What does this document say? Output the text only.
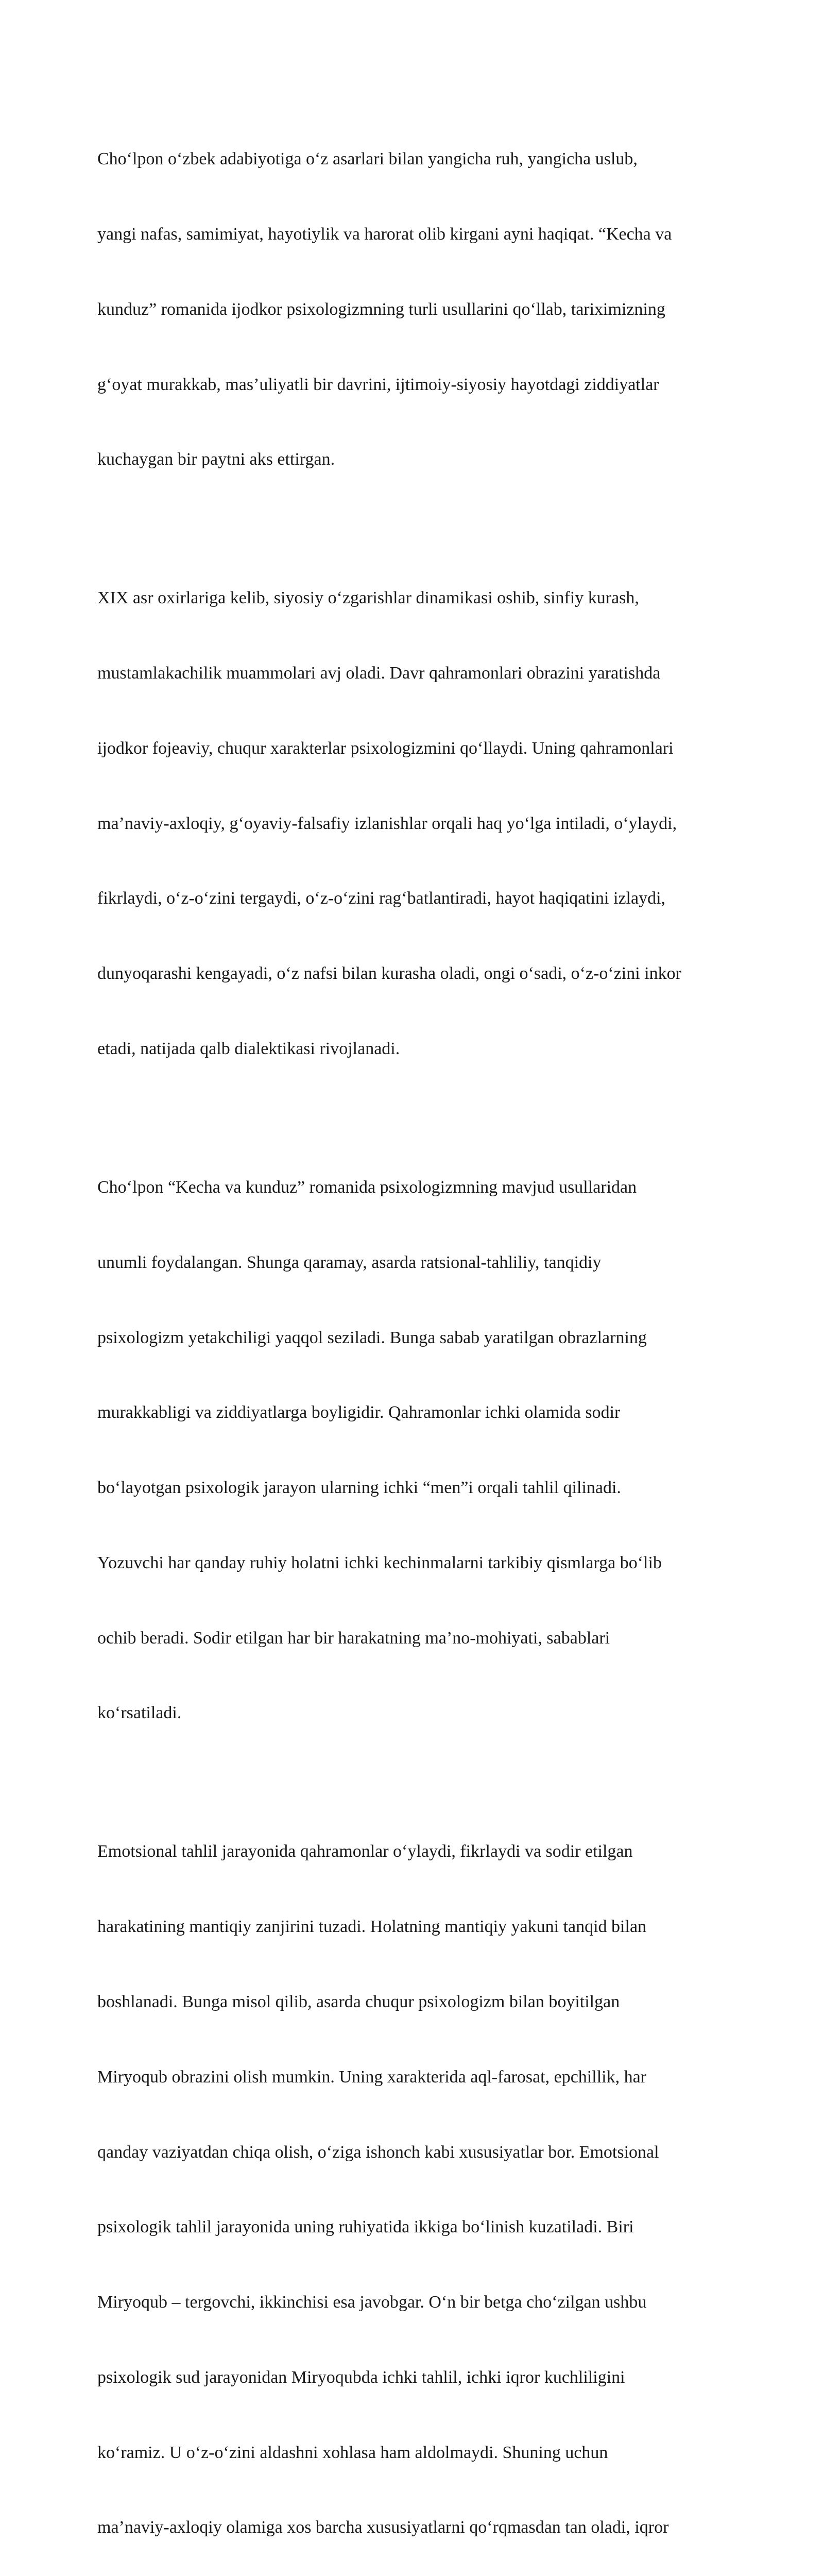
Cho‘lpon o‘zbek adabiyotiga o‘z asarlari bilan yangicha ruh, yangicha uslub,

yangi nafas, samimiyat, hayotiylik va harorat olib kirgani ayni haqiqat. “Kecha va

kunduz” romanida ijodkor psixologizmning turli usullarini qo‘llab, tariximizning

g‘oyat murakkab, mas’uliyatli bir davrini, ijtimoiy-siyosiy hayotdagi ziddiyatlar

kuchaygan bir paytni aks ettirgan.

XIX asr oxirlariga kelib, siyosiy o‘zgarishlar dinamikasi oshib, sinfiy kurash,

mustamlakachilik muammolari avj oladi. Davr qahramonlari obrazini yaratishda

ijodkor fojeaviy, chuqur xarakterlar psixologizmini qo‘llaydi. Uning qahramonlari

ma’naviy-axloqiy, g‘oyaviy-falsafiy izlanishlar orqali haq yo‘lga intiladi, o‘ylaydi,

fikrlaydi, o‘z-o‘zini tergaydi, o‘z-o‘zini rag‘batlantiradi, hayot haqiqatini izlaydi,

dunyoqarashi kengayadi, o‘z nafsi bilan kurasha oladi, ongi o‘sadi, o‘z-o‘zini inkor

etadi, natijada qalb dialektikasi rivojlanadi.

Cho‘lpon “Kecha va kunduz” romanida psixologizmning mavjud usullaridan

unumli foydalangan. Shunga qaramay, asarda ratsional-tahliliy, tanqidiy

psixologizm yetakchiligi yaqqol seziladi. Bunga sabab yaratilgan obrazlarning

murakkabligi va ziddiyatlarga boyligidir. Qahramonlar ichki olamida sodir

bo‘layotgan psixologik jarayon ularning ichki “men”i orqali tahlil qilinadi.

Yozuvchi har qanday ruhiy holatni ichki kechinmalarni tarkibiy qismlarga bo‘lib

ochib beradi. Sodir etilgan har bir harakatning ma’no-mohiyati, sabablari

ko‘rsatiladi.

Emotsional tahlil jarayonida qahramonlar o‘ylaydi, fikrlaydi va sodir etilgan

harakatining mantiqiy zanjirini tuzadi. Holatning mantiqiy yakuni tanqid bilan

boshlanadi. Bunga misol qilib, asarda chuqur psixologizm bilan boyitilgan

Miryoqub obrazini olish mumkin. Uning xarakterida aql-farosat, epchillik, har

qanday vaziyatdan chiqa olish, o‘ziga ishonch kabi xususiyatlar bor. Emotsional

psixologik tahlil jarayonida uning ruhiyatida ikkiga bo‘linish kuzatiladi. Biri

Miryoqub – tergovchi, ikkinchisi esa javobgar. O‘n bir betga cho‘zilgan ushbu

psixologik sud jarayonidan Miryoqubda ichki tahlil, ichki iqror kuchliligini

ko‘ramiz. U o‘z-o‘zini aldashni xohlasa ham aldolmaydi. Shuning uchun

ma’naviy-axloqiy olamiga xos barcha xususiyatlarni qo‘rqmasdan tan oladi, iqror
